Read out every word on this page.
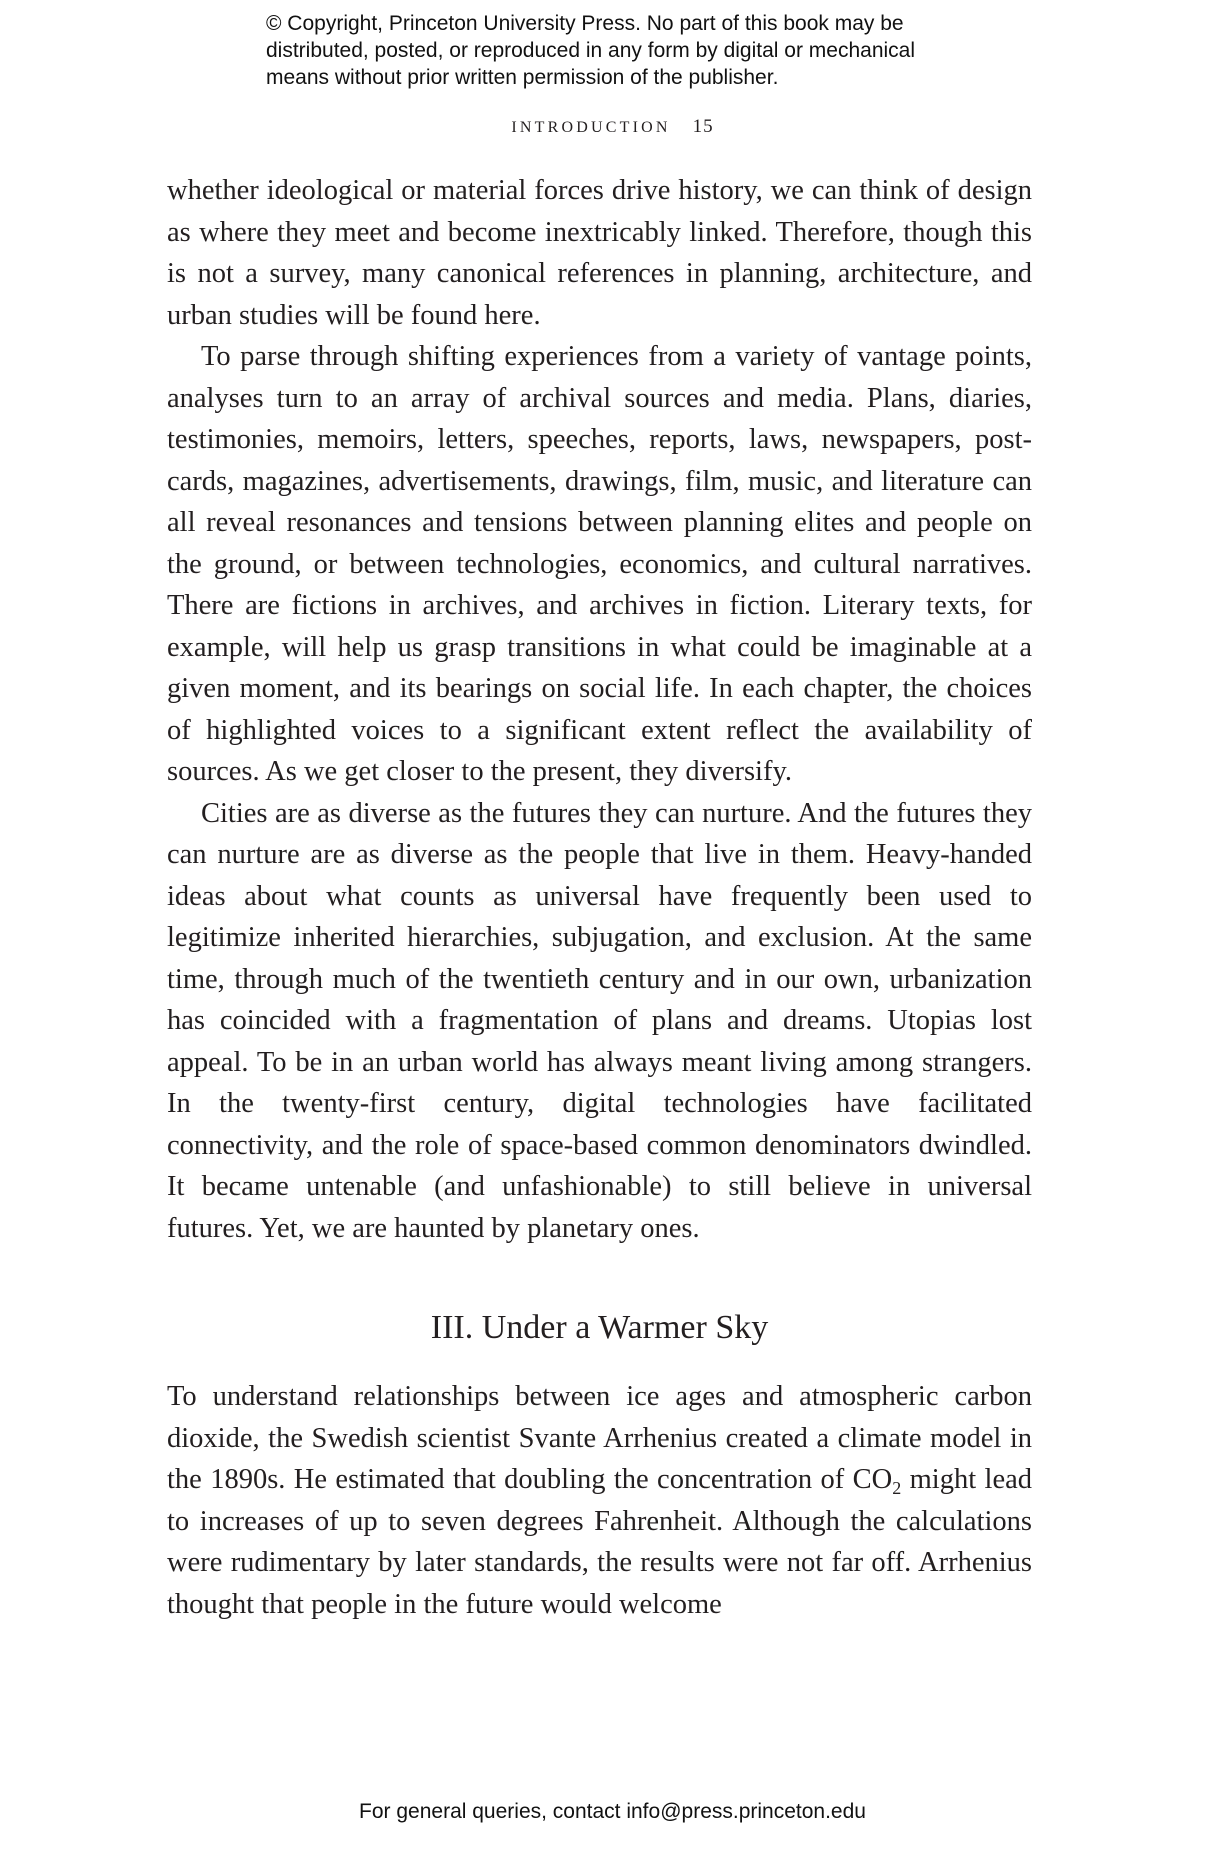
© Copyright, Princeton University Press. No part of this book may be
distributed, posted, or reproduced in any form by digital or mechanical
means without prior written permission of the publisher.
INTRODUCTION 15

whether ideological or material forces drive history, we can think of design as where they meet and become inextricably linked. Therefore, though this is not a survey, many canonical references in planning, architecture, and urban studies will be found here.

To parse through shifting experiences from a variety of vantage points, analyses turn to an array of archival sources and media. Plans, diaries, testimonies, memoirs, letters, speeches, reports, laws, newspapers, postcards, magazines, advertisements, drawings, film, music, and literature can all reveal resonances and tensions between planning elites and people on the ground, or between technologies, economics, and cultural narratives. There are fictions in archives, and archives in fiction. Literary texts, for example, will help us grasp transitions in what could be imaginable at a given moment, and its bearings on social life. In each chapter, the choices of highlighted voices to a significant extent reflect the availability of sources. As we get closer to the present, they diversify.

Cities are as diverse as the futures they can nurture. And the futures they can nurture are as diverse as the people that live in them. Heavy-handed ideas about what counts as universal have frequently been used to legitimize inherited hierarchies, subjugation, and exclusion. At the same time, through much of the twentieth century and in our own, urbanization has coincided with a fragmentation of plans and dreams. Utopias lost appeal. To be in an urban world has always meant living among strangers. In the twenty-first century, digital technologies have facilitated connectivity, and the role of space-based common denominators dwindled. It became untenable (and unfashionable) to still believe in universal futures. Yet, we are haunted by planetary ones.

III. Under a Warmer Sky

To understand relationships between ice ages and atmospheric carbon dioxide, the Swedish scientist Svante Arrhenius created a climate model in the 1890s. He estimated that doubling the concentration of $CO_2$ might lead to increases of up to seven degrees Fahrenheit. Although the calculations were rudimentary by later standards, the results were not far off. Arrhenius thought that people in the future would welcome

For general queries, contact info@press.princeton.edu
